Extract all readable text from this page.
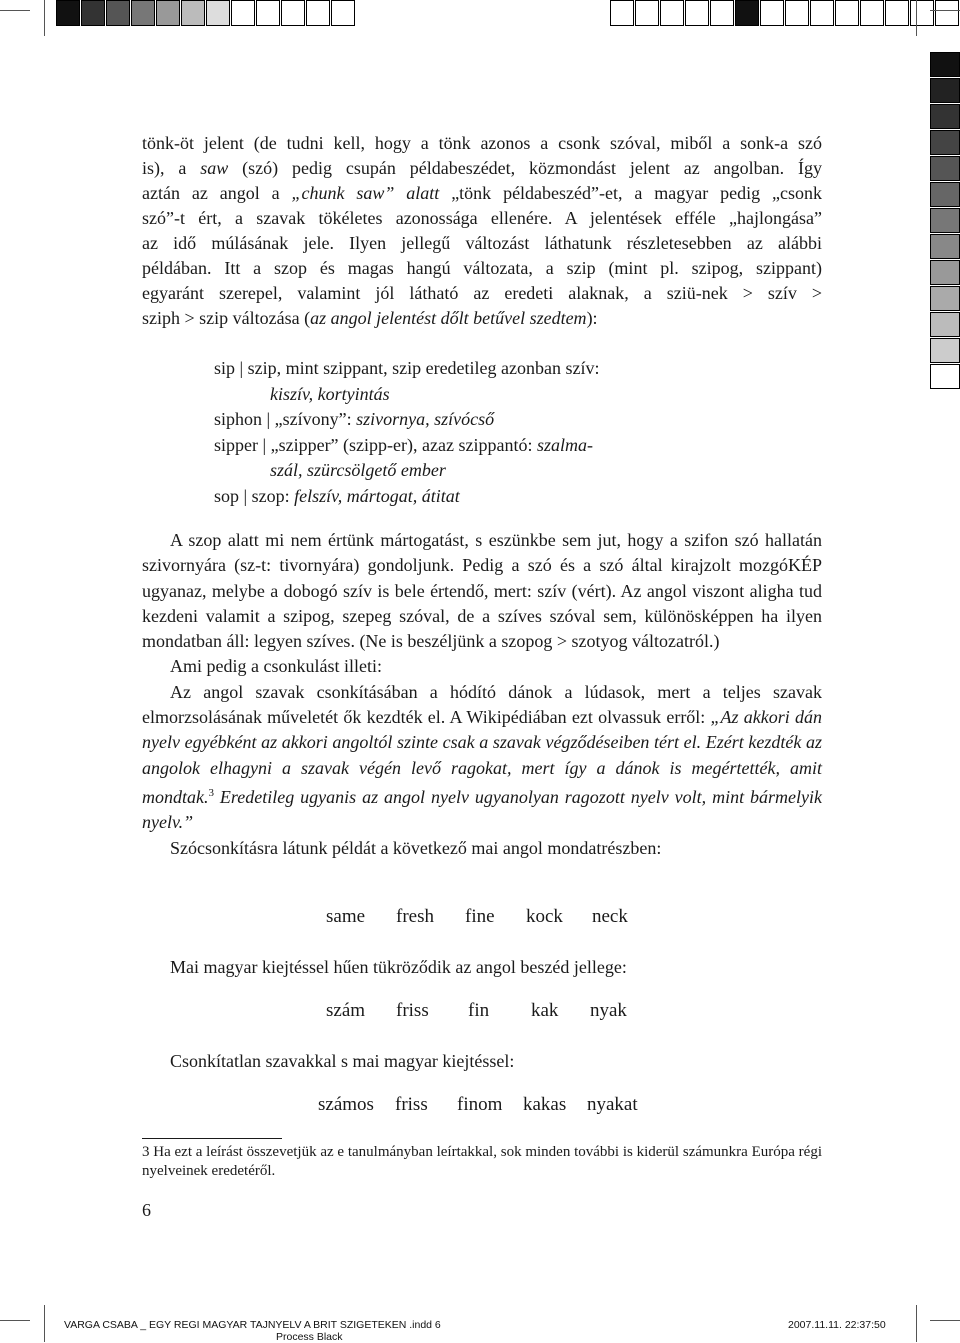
tönk-öt jelent (de tudni kell, hogy a tönk azonos a csonk szóval, miből a sonk-a szó

is), a saw (szó) pedig csupán példabeszédet, közmondást jelent az angolban. Így

aztán az angol a „chunk saw” alatt „tönk példabeszéd”-et, a magyar pedig „csonk

szó”-t ért, a szavak tökéletes azonossága ellenére. A jelentések efféle „hajlongása”

az idő múlásának jele. Ilyen jellegű változást láthatunk részletesebben az alábbi

példában. Itt a szop és magas hangú változata, a szip (mint pl. szipog, szippant)

egyaránt szerepel, valamint jól látható az eredeti alaknak, a sziü-nek > szív >

sziph > szip változása (az angol jelentést dőlt betűvel szedtem):

sip | szip, mint szippant, szip eredetileg azonban szív:
kiszív, kortyintás
siphon | „szívony”: szivornya, szívócső
sipper | „szipper” (szipp-er), azaz szippantó: szalma-
szál, szürcsölgető ember
sop | szop: felszív, mártogat, átitat

A szop alatt mi nem értünk mártogatást, s eszünkbe sem jut, hogy a szifon szó hallatán szivornyára (sz-t: tivornyára) gondoljunk. Pedig a szó és a szó által kirajzolt mozgóKÉP ugyanaz, melybe a dobogó szív is bele értendő, mert: szív (vért). Az angol viszont aligha tud kezdeni valamit a szipog, szepeg szóval, de a szíves szóval sem, különösképpen ha ilyen mondatban áll: legyen szíves. (Ne is beszéljünk a szopog > szotyog változatról.)

Ami pedig a csonkulást illeti:

Az angol szavak csonkításában a hódító dánok a lúdasok, mert a teljes szavak elmorzsolásának műveletét ők kezdték el. A Wikipédiában ezt olvassuk erről: „Az akkori dán nyelv egyébként az akkori angoltól szinte csak a szavak végződéseiben tért el. Ezért kezdték az angolok elhagyni a szavak végén levő ragokat, mert így a dánok is megértették, amit mondtak.$^3$ Eredetileg ugyanis az angol nyelv ugyanolyan ragozott nyelv volt, mint bármelyik nyelv.”

Szócsonkításra látunk példát a következő mai angol mondatrészben:

same fresh fine kock neck
Mai magyar kiejtéssel hűen tükröződik az angol beszéd jellege:
szám friss fin kak nyak
Csonkítatlan szavakkal s mai magyar kiejtéssel:
számos friss finom kakas nyakat

3 Ha ezt a leírást összevetjük az e tanulmányban leírtakkal, sok minden további is kiderül számunkra Európa régi nyelveinek eredetéről.

6
VARGA CSABA _ EGY REGI MAGYAR TAJNYELV A BRIT SZIGETEKEN .indd 6	2007.11.11. 22:37:50
Process Black
